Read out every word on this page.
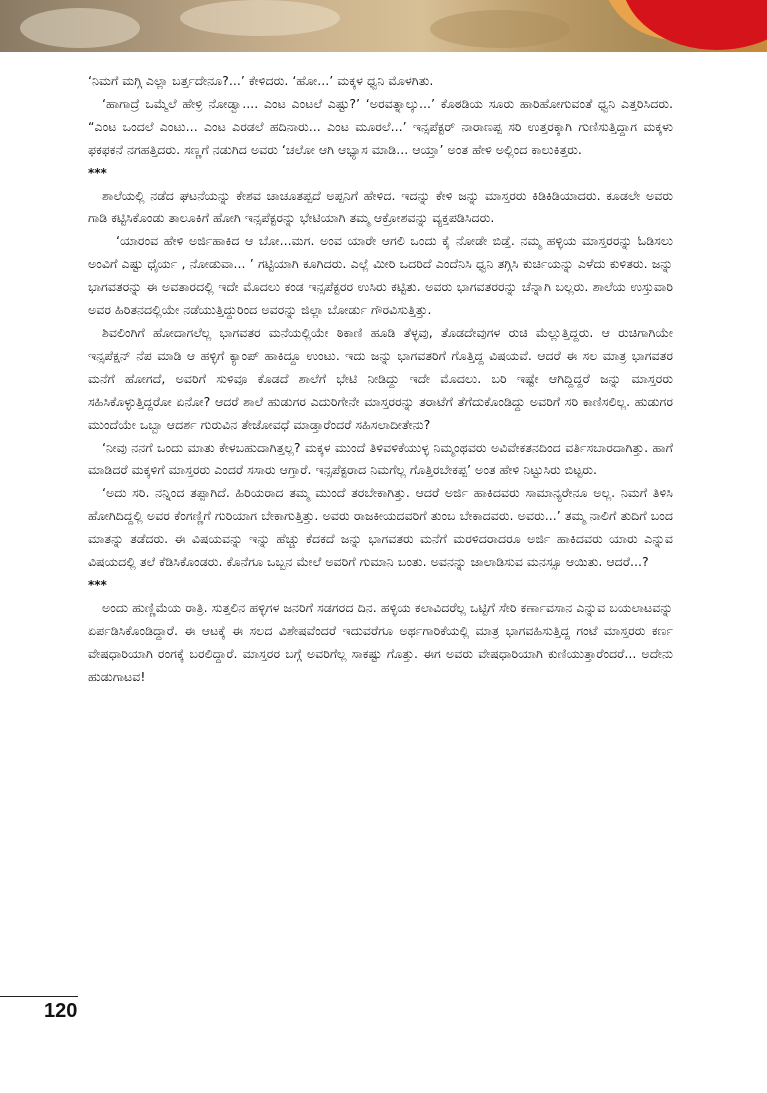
‘ನಿಮಗೆ ಮಗ್ಗಿ ಎಲ್ಲಾ ಬರ್ತ್ತದೇನೂ?...’ ಕೇಳಿದರು. ‘ಹೋ...’ ಮಕ್ಕಳ ಧ್ವನಿ ಮೊಳಗಿತು.

‘ಹಾಗಾದ್ರೆ ಒಮ್ಮೆಲೆ ಹೇಳ್ರಿ ನೋಡ್ವಾ.... ಎಂಟ ಎಂಟಲೆ ಎಷ್ಟು?’ ‘ಅರವತ್ನಾಲ್ಕು...’ ಕೊಠಡಿಯ ಸೂರು ಹಾರಿಹೋಗುವಂತೆ ಧ್ವನಿ ಎತ್ತರಿಸಿದರು. “ಎಂಟ ಒಂದಲೆ ಎಂಟು... ಎಂಟ ಎರಡಲೆ ಹದಿನಾರು... ಎಂಟ ಮೂರಲೆ...’ ಇನ್ಸಪೆಕ್ಟರ್ ನಾರಾಣಪ್ಪ ಸರಿ ಉತ್ತರಕ್ಕಾಗಿ ಗುಣಿಸುತ್ತಿದ್ದಾಗ ಮಕ್ಕಳು ಫಕಫಕನೆ ನಗಹತ್ತಿದರು. ಸಣ್ಣಗೆ ನಡುಗಿದ ಅವರು ‘ಚಲೋ ಆಗಿ ಆಭ್ಯಾಸ ಮಾಡಿ... ಆಯ್ತಾ’ ಅಂತ ಹೇಳಿ ಅಲ್ಲಿಂದ ಕಾಲುಕಿತ್ತರು.

***

ಶಾಲೆಯಲ್ಲಿ ನಡೆದ ಘಟನೆಯನ್ನು ಕೇಶವ ಚಾಚೂತಪ್ಪದೆ ಅಪ್ಪನಿಗೆ ಹೇಳಿದ. ಇದನ್ನು ಕೇಳಿ ಜನ್ನು ಮಾಸ್ತರರು ಕಿಡಿಕಿಡಿಯಾದರು. ಕೂಡಲೇ ಅವರು ಗಾಡಿ ಕಟ್ಟಿಸಿಕೊಂಡು ತಾಲೂಕಿಗೆ ಹೋಗಿ ಇನ್ಸಪೆಕ್ಟರನ್ನು ಭೇಟಿಯಾಗಿ ತಮ್ಮ ಆಕ್ರೋಶವನ್ನು ವ್ಯಕ್ತಪಡಿಸಿದರು.

‘ಯಾರಂವ ಹೇಳಿ ಅರ್ಜಿಹಾಕಿದ ಆ ಬೋ...ಮಗ. ಅಂವ ಯಾರೇ ಆಗಲಿ ಒಂದು ಕೈ ನೋಡೇ ಬಿಡ್ತೆ. ನಮ್ಮ ಹಳ್ಳಿಯ ಮಾಸ್ತರರನ್ನು ಓಡಿಸಲು ಅಂವಿಗೆ ಎಷ್ಟು ಧೈರ್ಯ , ನೋಡುವಾ... ’ ಗಟ್ಟಿಯಾಗಿ ಕೂಗಿದರು. ಎಲ್ಲೆ ಮೀರಿ ಒದರಿದೆ ಎಂದೆನಿಸಿ ಧ್ವನಿ ತಗ್ಗಿಸಿ ಕುರ್ಚಿಯನ್ನು ಎಳೆದು ಕುಳಿತರು. ಜನ್ನು ಭಾಗವತರನ್ನು ಈ ಅವತಾರದಲ್ಲಿ ಇದೇ ಮೊದಲು ಕಂಡ ಇನ್ಸಪೆಕ್ಟರರ ಉಸಿರು ಕಟ್ಟಿತು. ಅವರು ಭಾಗವತರರನ್ನು ಚೆನ್ನಾಗಿ ಬಲ್ಲರು. ಶಾಲೆಯ ಉಸ್ತುವಾರಿ ಅವರ ಹಿರಿತನದಲ್ಲಿಯೇ ನಡೆಯುತ್ತಿದ್ದುರಿಂದ ಅವರನ್ನು ಜಿಲ್ಲಾ ಬೋರ್ಡು ಗೌರವಿಸುತ್ತಿತ್ತು.

ಶಿವಲಿಂಗಿಗೆ ಹೋದಾಗಲೆಲ್ಲ ಭಾಗವತರ ಮನೆಯಲ್ಲಿಯೇ ಠಿಕಾಣಿ ಹೂಡಿ ತೆಳ್ಳವು, ತೊಡದೇವುಗಳ ರುಚಿ ಮೆಲ್ಲುತ್ತಿದ್ದರು. ಆ ರುಚಿಗಾಗಿಯೇ ಇನ್ಸಪೆಕ್ಷನ್ ನೆಪ ಮಾಡಿ ಆ ಹಳ್ಳಿಗೆ ಕ್ಯಾಂಪ್ ಹಾಕಿದ್ದೂ ಉಂಟು. ಇದು ಜನ್ನು ಭಾಗವತರಿಗೆ ಗೊತ್ತಿದ್ದ ವಿಷಯವೆ. ಆದರೆ ಈ ಸಲ ಮಾತ್ರ ಭಾಗವತರ ಮನೆಗೆ ಹೋಗದೆ, ಅವರಿಗೆ ಸುಳಿವೂ ಕೊಡದೆ ಶಾಲೆಗೆ ಭೇಟಿ ನೀಡಿದ್ದು ಇದೇ ಮೊದಲು. ಬರಿ ಇಷ್ಟೇ ಆಗಿದ್ದಿದ್ದರೆ ಜನ್ನು ಮಾಸ್ತರರು ಸಹಿಸಿಕೊಳ್ಳುತ್ತಿದ್ದರೋ ಏನೋ? ಆದರೆ ಶಾಲೆ ಹುಡುಗರ ಎದುರಿಗೇನೇ ಮಾಸ್ತರರನ್ನು ತರಾಟೆಗೆ ತೆಗೆದುಕೊಂಡಿದ್ದು ಅವರಿಗೆ ಸರಿ ಕಾಣಿಸಲಿಲ್ಲ. ಹುಡುಗರ ಮುಂದೆಯೇ ಒಬ್ಬಾ ಆದರ್ಶ ಗುರುವಿನ ತೇಜೋವಧೆ ಮಾಡ್ತಾರೆಂದರೆ ಸಹಿಸಲಾದೀತೇನು?

‘ನೀವು ನನಗೆ ಒಂದು ಮಾತು ಕೇಳಬಹುದಾಗಿತ್ತಲ್ಲ? ಮಕ್ಕಳ ಮುಂದೆ ತಿಳಿವಳಿಕೆಯುಳ್ಳ ನಿಮ್ಮಂಥವರು ಅವಿವೇಕತನದಿಂದ ವರ್ತಿಸಬಾರದಾಗಿತ್ತು. ಹಾಗೆ ಮಾಡಿದರೆ ಮಕ್ಕಳಿಗೆ ಮಾಸ್ತರರು ಎಂದರೆ ಸಸಾರು ಆಗ್ತಾರೆ. ಇನ್ಸಪೆಕ್ಟರಾದ ನಿಮಗೆಲ್ಲ ಗೊತ್ತಿರಬೇಕಪ್ಪ’ ಅಂತ ಹೇಳಿ ನಿಟ್ಟುಸಿರು ಬಿಟ್ಟರು.

‘ಅದು ಸರಿ. ನನ್ನಿಂದ ತಪ್ಪಾಗಿದೆ. ಹಿರಿಯರಾದ ತಮ್ಮ ಮುಂದೆ ತರಬೇಕಾಗಿತ್ತು. ಆದರೆ ಅರ್ಜಿ ಹಾಕಿದವರು ಸಾಮಾನ್ಯರೇನೂ ಅಲ್ಲ. ನಿಮಗೆ ತಿಳಿಸಿ ಹೋಗಿದಿದ್ದಲ್ಲಿ ಅವರ ಕೆಂಗಣ್ಣಿಗೆ ಗುರಿಯಾಗ ಬೇಕಾಗುತ್ತಿತ್ತು. ಅವರು ರಾಜಕೀಯದವರಿಗೆ ತುಂಬ ಬೇಕಾದವರು. ಅವರು...’ ತಮ್ಮ ನಾಲಿಗೆ ತುದಿಗೆ ಬಂದ ಮಾತನ್ನು ತಡೆದರು. ಈ ವಿಷಯವನ್ನು ಇನ್ನು ಹೆಚ್ಚು ಕೆದಕದೆ ಜನ್ನು ಭಾಗವತರು ಮನೆಗೆ ಮರಳಿದರಾದರೂ ಅರ್ಜಿ ಹಾಕಿದವರು ಯಾರು ಎನ್ನುವ ವಿಷಯದಲ್ಲಿ ತಲೆ ಕೆಡಿಸಿಕೊಂಡರು. ಕೊನೆಗೂ ಒಬ್ಬನ ಮೇಲೆ ಅವರಿಗೆ ಗುಮಾನಿ ಬಂತು. ಅವನನ್ನು ಜಾಲಾಡಿಸುವ ಮನಸ್ಸೂ ಆಯಿತು. ಆದರೆ...?

***

ಅಂದು ಹುಣ್ಣಿಮೆಯ ರಾತ್ರಿ. ಸುತ್ತಲಿನ ಹಳ್ಳಿಗಳ ಜನರಿಗೆ ಸಡಗರದ ದಿನ. ಹಳ್ಳಿಯ ಕಲಾವಿದರೆಲ್ಲ ಒಟ್ಟಿಗೆ ಸೇರಿ ಕರ್ಣಾವಸಾನ ಎನ್ನುವ ಬಯಲಾಟವನ್ನು ಏರ್ಪಡಿಸಿಕೊಂಡಿದ್ದಾರೆ. ಈ ಆಟಕ್ಕೆ ಈ ಸಲದ ವಿಶೇಷವೆಂದರೆ ಇದುವರೆಗೂ ಅರ್ಥಗಾರಿಕೆಯಲ್ಲಿ ಮಾತ್ರ ಭಾಗವಹಿಸುತ್ತಿದ್ದ ಗಂಟೆ ಮಾಸ್ತರರು ಕರ್ಣ ವೇಷಧಾರಿಯಾಗಿ ರಂಗಕ್ಕೆ ಬರಲಿದ್ದಾರೆ. ಮಾಸ್ತರರ ಬಗ್ಗೆ ಅವರಿಗೆಲ್ಲ ಸಾಕಷ್ಟು ಗೊತ್ತು. ಈಗ ಅವರು ವೇಷಧಾರಿಯಾಗಿ ಕುಣಿಯುತ್ತಾರೆಂದರೆ... ಅದೇನು ಹುಡುಗಾಟವ!

120
